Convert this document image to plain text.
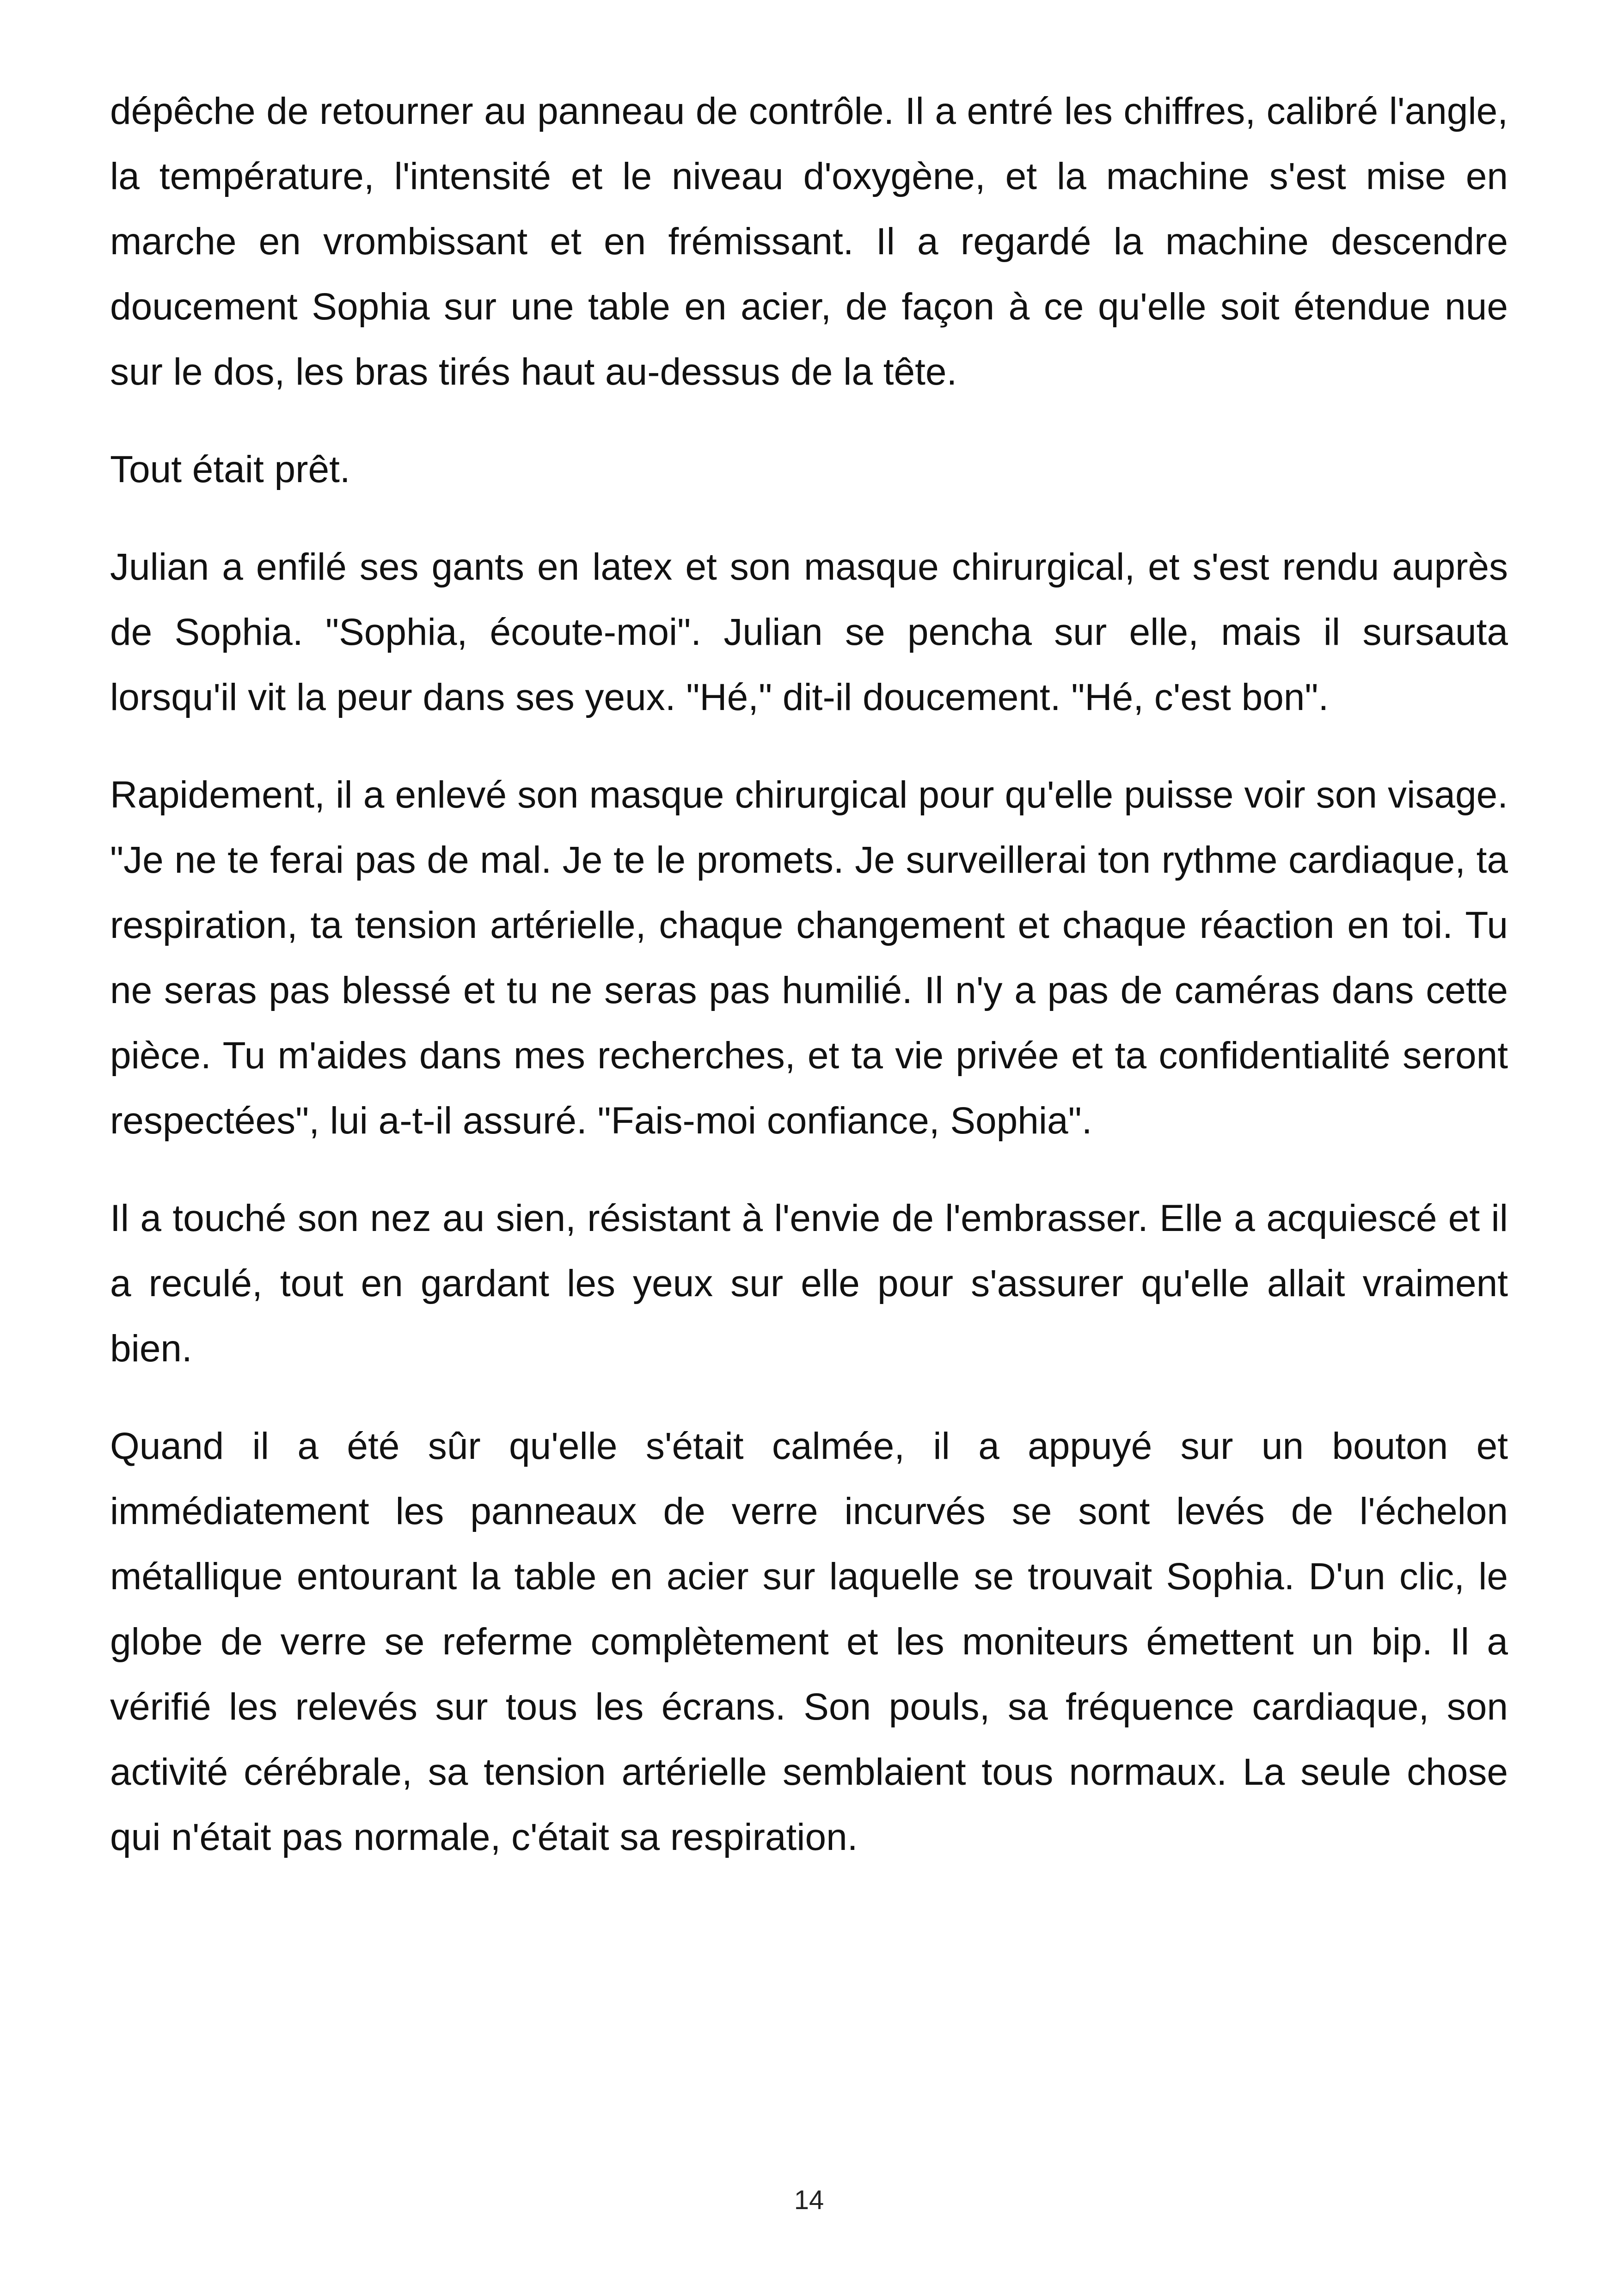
dépêche de retourner au panneau de contrôle. Il a entré les chiffres, calibré l'angle, la température, l'intensité et le niveau d'oxygène, et la machine s'est mise en marche en vrombissant et en frémissant. Il a regardé la machine descendre doucement Sophia sur une table en acier, de façon à ce qu'elle soit étendue nue sur le dos, les bras tirés haut au-dessus de la tête.

Tout était prêt.

Julian a enfilé ses gants en latex et son masque chirurgical, et s'est rendu auprès de Sophia. "Sophia, écoute-moi". Julian se pencha sur elle, mais il sursauta lorsqu'il vit la peur dans ses yeux. "Hé," dit-il doucement. "Hé, c'est bon".

Rapidement, il a enlevé son masque chirurgical pour qu'elle puisse voir son visage. "Je ne te ferai pas de mal. Je te le promets. Je surveillerai ton rythme cardiaque, ta respiration, ta tension artérielle, chaque changement et chaque réaction en toi. Tu ne seras pas blessé et tu ne seras pas humilié. Il n'y a pas de caméras dans cette pièce. Tu m'aides dans mes recherches, et ta vie privée et ta confidentialité seront respectées", lui a-t-il assuré. "Fais-moi confiance, Sophia".

Il a touché son nez au sien, résistant à l'envie de l'embrasser. Elle a acquiescé et il a reculé, tout en gardant les yeux sur elle pour s'assurer qu'elle allait vraiment bien.

Quand il a été sûr qu'elle s'était calmée, il a appuyé sur un bouton et immédiatement les panneaux de verre incurvés se sont levés de l'échelon métallique entourant la table en acier sur laquelle se trouvait Sophia. D'un clic, le globe de verre se referme complètement et les moniteurs émettent un bip. Il a vérifié les relevés sur tous les écrans. Son pouls, sa fréquence cardiaque, son activité cérébrale, sa tension artérielle semblaient tous normaux. La seule chose qui n'était pas normale, c'était sa respiration.

14
